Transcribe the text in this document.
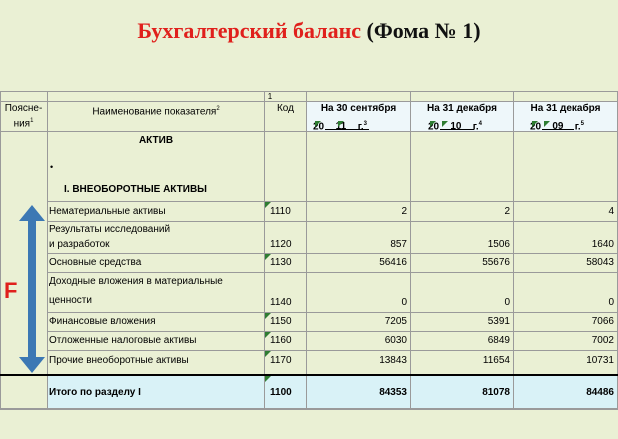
Бухгалтерский баланс (Фома № 1)
1
Поясне-
ния$^1$
Наименование показателя$^2$	Код	На 30 сентября	На 31 декабря	На 31 декабря
20 11 г.$^3$	20 10 г.$^4$	20 09 г.$^5$
АКТИВ
•
I. ВНЕОБОРОТНЫЕ АКТИВЫ
Нематериальные активы	1110	2	2	4
Результаты исследований
и разработок	1120	857	1506	1640
Основные средства	1130	56416	55676	58043
Доходные вложения в материальные
ценности	1140	0	0	0
Финансовые вложения	1150	7205	5391	7066
Отложенные налоговые активы	1160	6030	6849	7002
Прочие внеоборотные активы	1170	13843	11654	10731
Итого по разделу I	1100	84353	81078	84486
F
